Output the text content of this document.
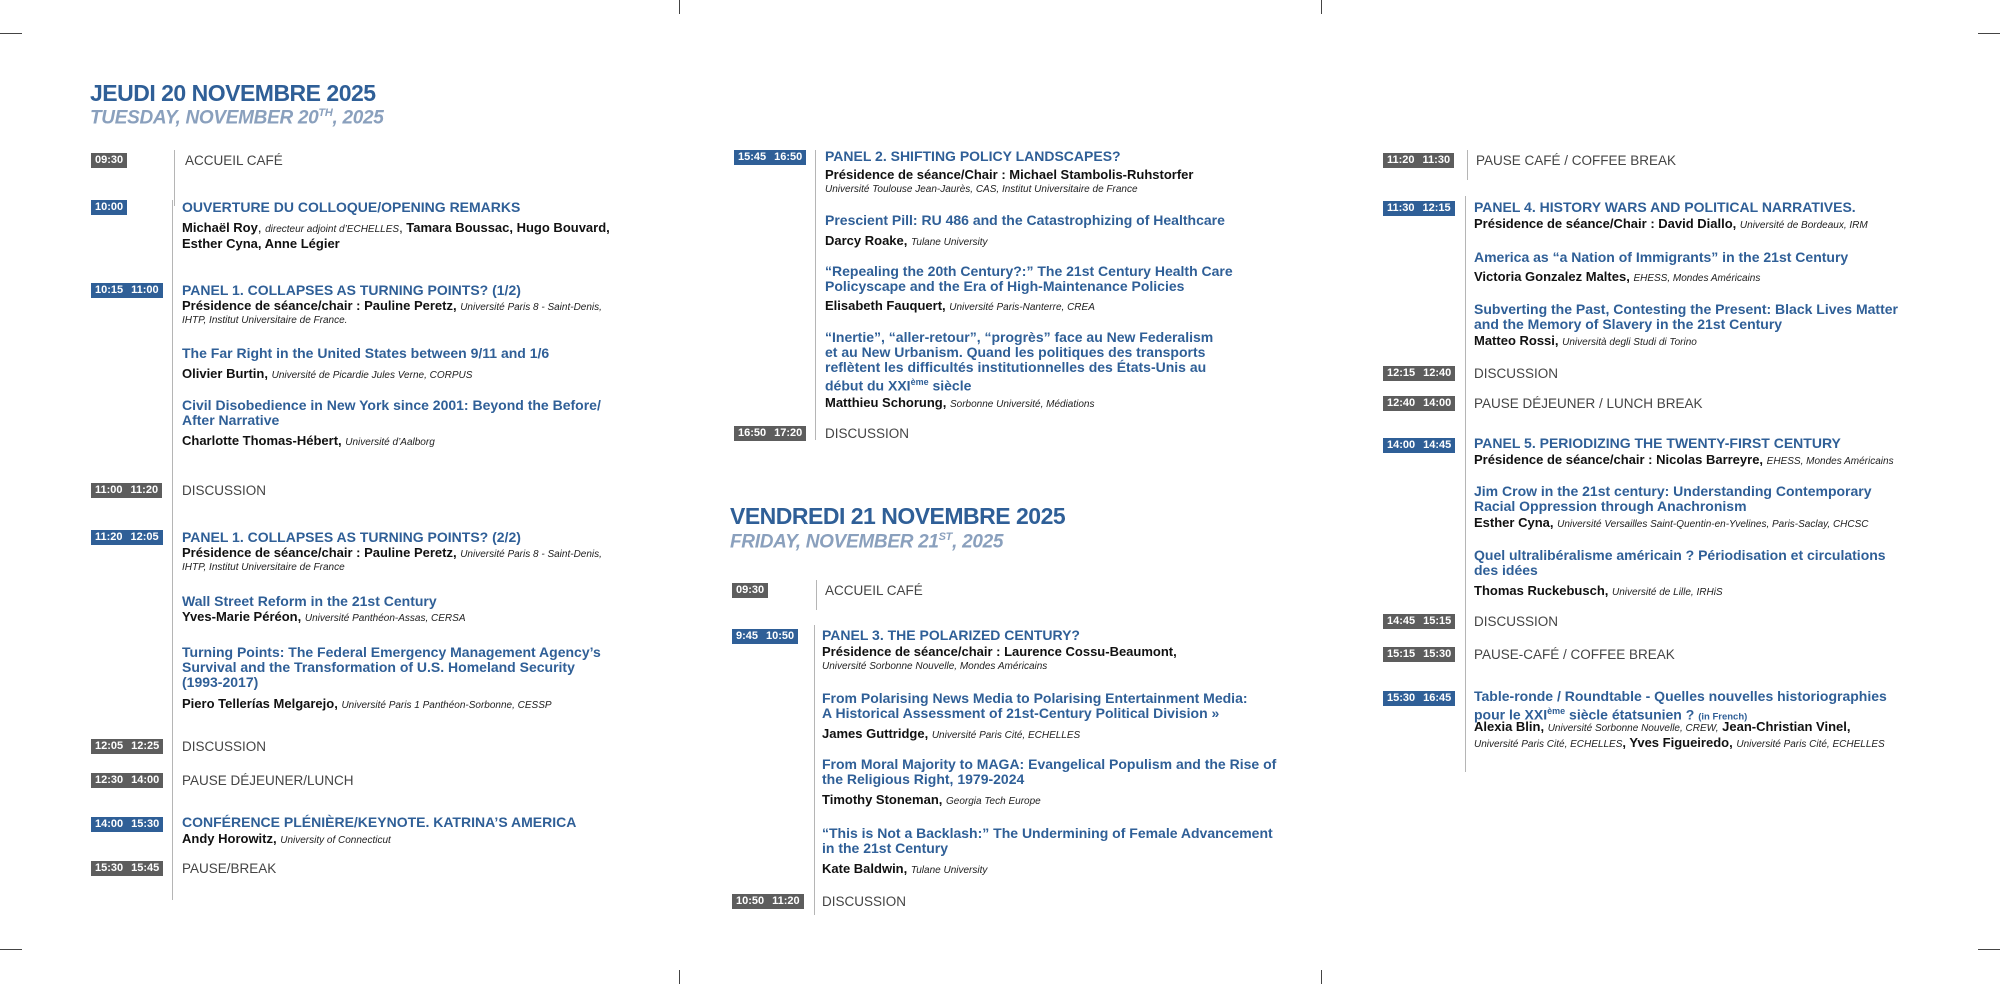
JEUDI 20 NOVEMBRE 2025
TUESDAY, NOVEMBER 20TH, 2025
09:30	ACCUEIL CAFÉ
10:00	OUVERTURE DU COLLOQUE/OPENING REMARKS
Michaël Roy, directeur adjoint d’ECHELLES, Tamara Boussac, Hugo Bouvard,
Esther Cyna, Anne Légier
10:15 11:00 PANEL 1. COLLAPSES AS TURNING POINTS? (1/2)
Présidence de séance/chair : Pauline Peretz, Université Paris 8 - Saint-Denis,
IHTP, Institut Universitaire de France.
The Far Right in the United States between 9/11 and 1/6
Olivier Burtin, Université de Picardie Jules Verne, CORPUS
Civil Disobedience in New York since 2001: Beyond the Before/
After Narrative
Charlotte Thomas-Hébert, Université d’Aalborg
11:00 11:20 DISCUSSION
11:20 12:05 PANEL 1. COLLAPSES AS TURNING POINTS? (2/2)
Présidence de séance/chair : Pauline Peretz, Université Paris 8 - Saint-Denis,
IHTP, Institut Universitaire de France
Wall Street Reform in the 21st Century
Yves-Marie Péréon, Université Panthéon-Assas, CERSA
Turning Points: The Federal Emergency Management Agency’s
Survival and the Transformation of U.S. Homeland Security
(1993-2017)
Piero Tellerías Melgarejo, Université Paris 1 Panthéon-Sorbonne, CESSP
12:05 12:25 DISCUSSION
12:30 14:00 PAUSE DÉJEUNER/LUNCH
14:00 15:30 CONFÉRENCE PLÉNIÈRE/KEYNOTE. KATRINA’S AMERICA
Andy Horowitz, University of Connecticut
15:30 15:45 PAUSE/BREAK
15:45 16:50 PANEL 2. SHIFTING POLICY LANDSCAPES?
Présidence de séance/Chair : Michael Stambolis-Ruhstorfer
Université Toulouse Jean-Jaurès, CAS, Institut Universitaire de France
Prescient Pill: RU 486 and the Catastrophizing of Healthcare
Darcy Roake, Tulane University
“Repealing the 20th Century?:” The 21st Century Health Care
Policyscape and the Era of High-Maintenance Policies
Elisabeth Fauquert, Université Paris-Nanterre, CREA
“Inertie”, “aller-retour”, “progrès” face au New Federalism
et au New Urbanism. Quand les politiques des transports
reflètent les difficultés institutionnelles des États-Unis au
début du XXIème siècle
Matthieu Schorung, Sorbonne Université, Médiations
16:50 17:20 DISCUSSION
VENDREDI 21 NOVEMBRE 2025
FRIDAY, NOVEMBER 21ST, 2025
09:30	ACCUEIL CAFÉ
9:45 10:50 PANEL 3. THE POLARIZED CENTURY?
Présidence de séance/chair : Laurence Cossu-Beaumont,
Université Sorbonne Nouvelle, Mondes Américains
From Polarising News Media to Polarising Entertainment Media:
A Historical Assessment of 21st-Century Political Division »
James Guttridge, Université Paris Cité, ECHELLES
From Moral Majority to MAGA: Evangelical Populism and the Rise of
the Religious Right, 1979-2024
Timothy Stoneman, Georgia Tech Europe
“This is Not a Backlash:” The Undermining of Female Advancement
in the 21st Century
Kate Baldwin, Tulane University
10:50 11:20 DISCUSSION
11:20 11:30 PAUSE CAFÉ / COFFEE BREAK
11:30 12:15 PANEL 4. HISTORY WARS AND POLITICAL NARRATIVES.
Présidence de séance/Chair : David Diallo, Université de Bordeaux, IRM
America as “a Nation of Immigrants” in the 21st Century
Victoria Gonzalez Maltes, EHESS, Mondes Américains
Subverting the Past, Contesting the Present: Black Lives Matter
and the Memory of Slavery in the 21st Century
Matteo Rossi, Università degli Studi di Torino
12:15 12:40 DISCUSSION
12:40 14:00 PAUSE DÉJEUNER / LUNCH BREAK
14:00 14:45 PANEL 5. PERIODIZING THE TWENTY-FIRST CENTURY
Présidence de séance/chair : Nicolas Barreyre, EHESS, Mondes Américains
Jim Crow in the 21st century: Understanding Contemporary
Racial Oppression through Anachronism
Esther Cyna, Université Versailles Saint-Quentin-en-Yvelines, Paris-Saclay, CHCSC
Quel ultralibéralisme américain ? Périodisation et circulations
des idées
Thomas Ruckebusch, Université de Lille, IRHiS
14:45 15:15 DISCUSSION
15:15 15:30 PAUSE-CAFÉ / COFFEE BREAK
15:30 16:45 Table-ronde / Roundtable - Quelles nouvelles historiographies
pour le XXIème siècle étatsunien ? (in French)
Alexia Blin, Université Sorbonne Nouvelle, CREW, Jean-Christian Vinel,
Université Paris Cité, ECHELLES, Yves Figueiredo, Université Paris Cité, ECHELLES
